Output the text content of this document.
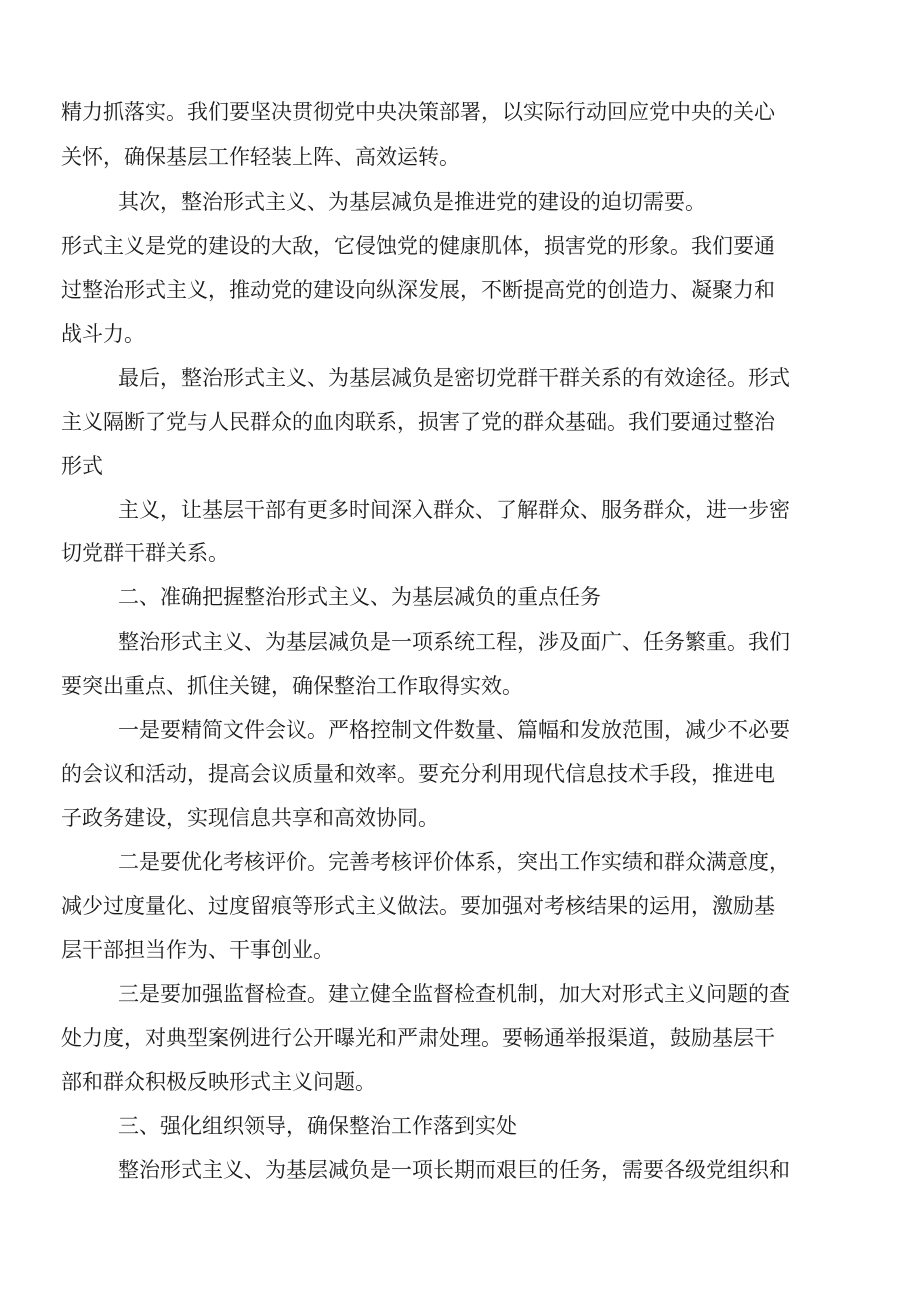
精力抓落实。我们要坚决贯彻党中央决策部署，以实际行动回应党中央的关心
关怀，确保基层工作轻装上阵、高效运转。
其次，整治形式主义、为基层减负是推进党的建设的迫切需要。
形式主义是党的建设的大敌，它侵蚀党的健康肌体，损害党的形象。我们要通
过整治形式主义，推动党的建设向纵深发展，不断提高党的创造力、凝聚力和
战斗力。
最后，整治形式主义、为基层减负是密切党群干群关系的有效途径。形式
主义隔断了党与人民群众的血肉联系，损害了党的群众基础。我们要通过整治
形式
主义，让基层干部有更多时间深入群众、了解群众、服务群众，进一步密
切党群干群关系。
二、准确把握整治形式主义、为基层减负的重点任务
整治形式主义、为基层减负是一项系统工程，涉及面广、任务繁重。我们
要突出重点、抓住关键，确保整治工作取得实效。
一是要精简文件会议。严格控制文件数量、篇幅和发放范围，减少不必要
的会议和活动，提高会议质量和效率。要充分利用现代信息技术手段，推进电
子政务建设，实现信息共享和高效协同。
二是要优化考核评价。完善考核评价体系，突出工作实绩和群众满意度，
减少过度量化、过度留痕等形式主义做法。要加强对考核结果的运用，激励基
层干部担当作为、干事创业。
三是要加强监督检查。建立健全监督检查机制，加大对形式主义问题的查
处力度，对典型案例进行公开曝光和严肃处理。要畅通举报渠道，鼓励基层干
部和群众积极反映形式主义问题。
三、强化组织领导，确保整治工作落到实处
整治形式主义、为基层减负是一项长期而艰巨的任务，需要各级党组织和
